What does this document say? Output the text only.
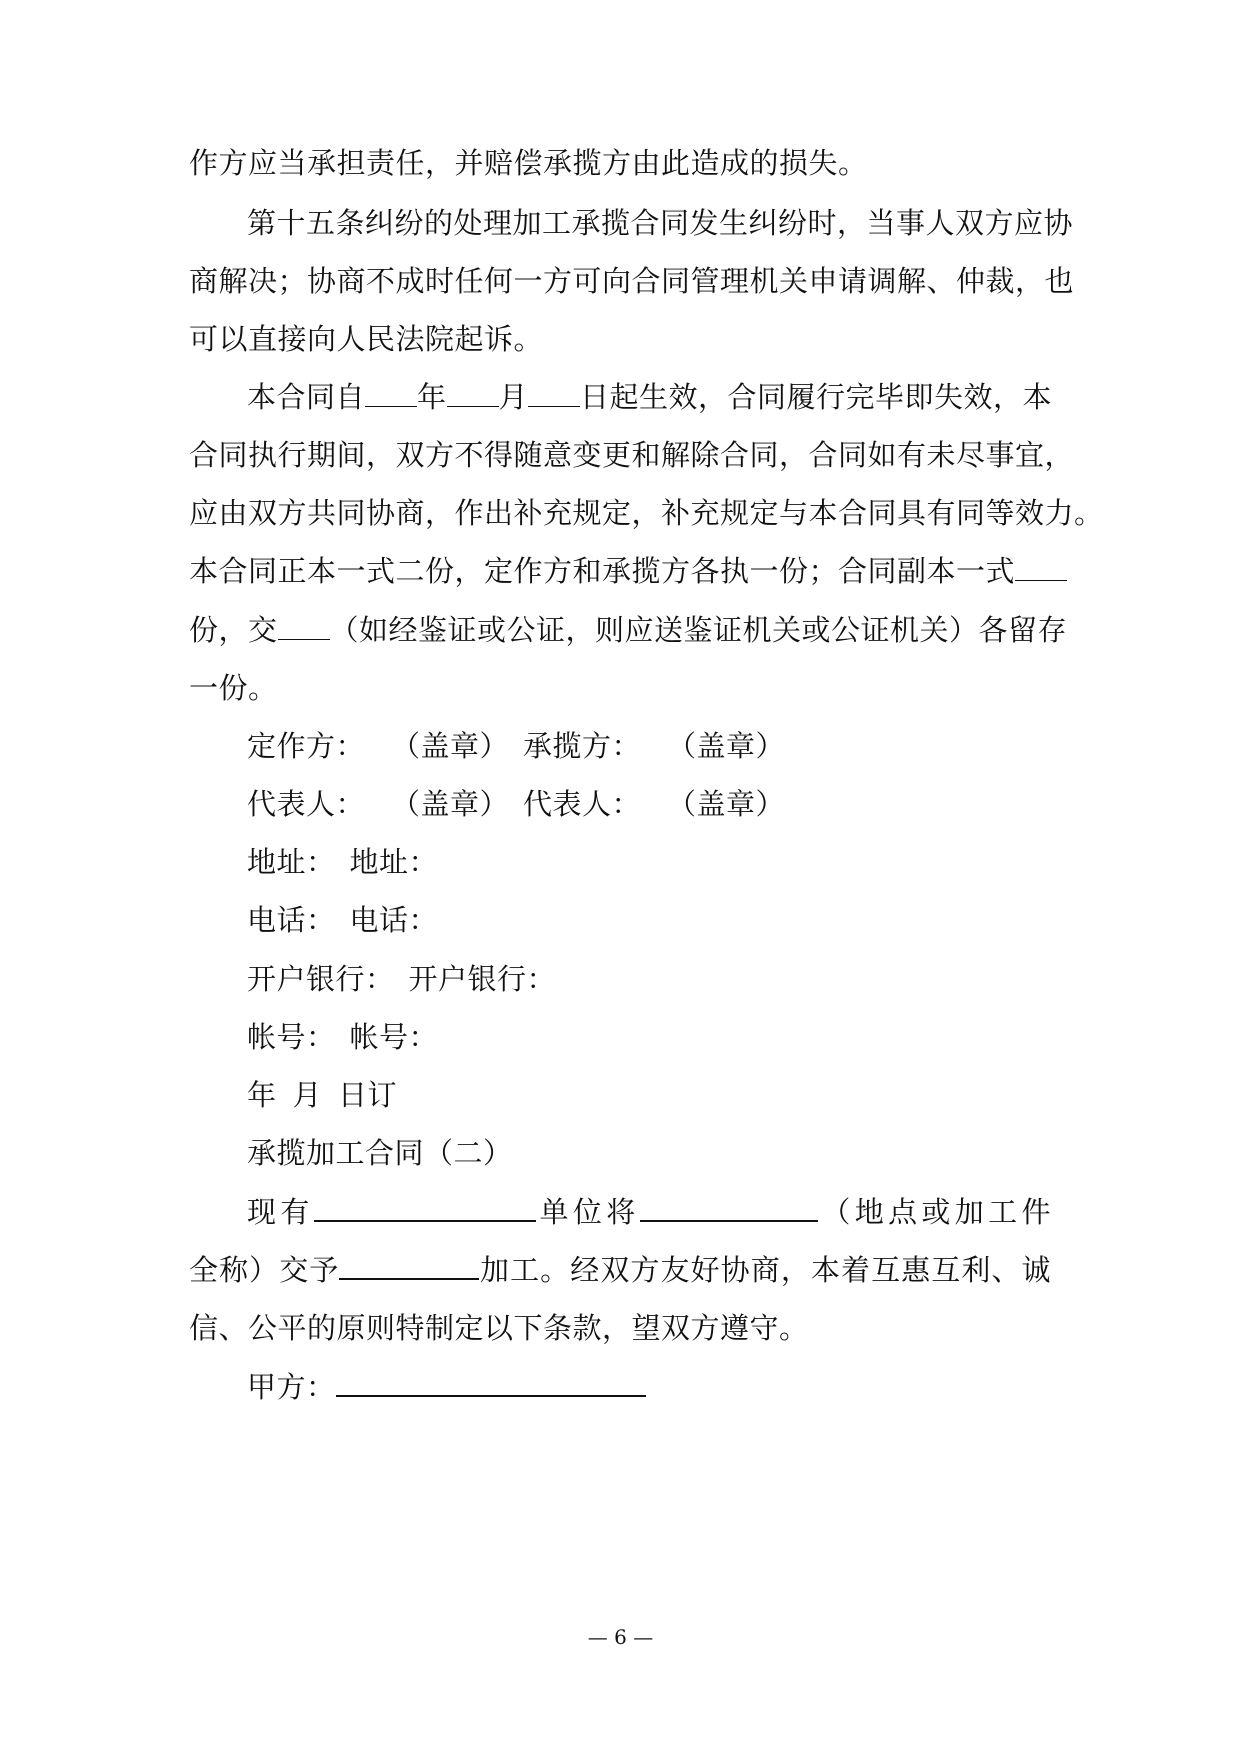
作方应当承担责任，并赔偿承揽方由此造成的损失。
第十五条纠纷的处理加工承揽合同发生纠纷时，当事人双方应协
商解决；协商不成时任何一方可向合同管理机关申请调解、仲裁，也
可以直接向人民法院起诉。
本合同自 年 月 日起生效，合同履行完毕即失效，本
合同执行期间，双方不得随意变更和解除合同，合同如有未尽事宜，
应由双方共同协商，作出补充规定，补充规定与本合同具有同等效力。
本合同正本一式二份，定作方和承揽方各执一份；合同副本一式
份，交 （如经鉴证或公证，则应送鉴证机关或公证机关）各留存
一份。
定作方： （盖章） 承揽方： （盖章）
代表人： （盖章） 代表人： （盖章）
地址： 地址：
电话： 电话：
开户银行： 开户银行：
帐号： 帐号：
年 月 日订
承揽加工合同（二）
现有	单位将	（地点或加工件
全称）交予	加工。经双方友好协商，本着互惠互利、诚
信、公平的原则特制定以下条款，望双方遵守。
甲方：
— 6 —
